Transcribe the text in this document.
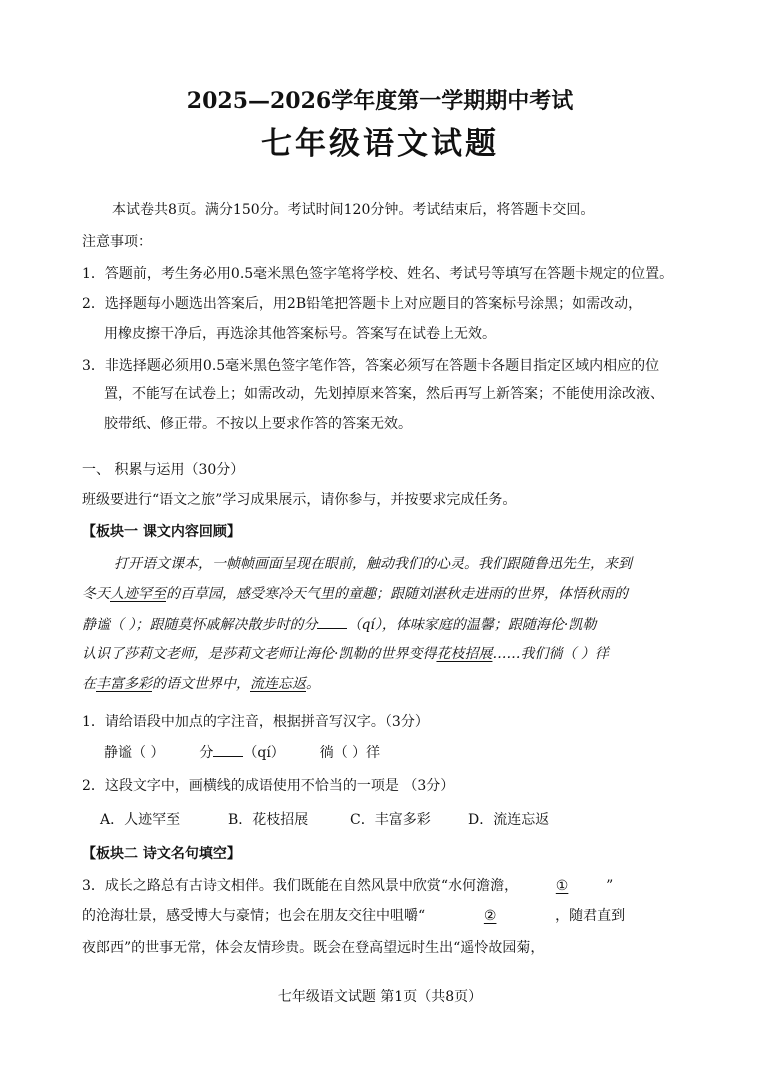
2025—2026学年度第一学期期中考试
七年级语文试题
本试卷共8页。满分150分。考试时间120分钟。考试结束后，将答题卡交回。
注意事项：
1．答题前，考生务必用0.5毫米黑色签字笔将学校、姓名、考试号等填写在答题卡规定的位置。
2．选择题每小题选出答案后，用2B铅笔把答题卡上对应题目的答案标号涂黑；如需改动，
用橡皮擦干净后，再选涂其他答案标号。答案写在试卷上无效。
3．非选择题必须用0.5毫米黑色签字笔作答，答案必须写在答题卡各题目指定区域内相应的位
置，不能写在试卷上；如需改动，先划掉原来答案，然后再写上新答案；不能使用涂改液、
胶带纸、修正带。不按以上要求作答的答案无效。
一、 积累与运用（30分）
班级要进行“语文之旅”学习成果展示，请你参与，并按要求完成任务。
【板块一 课文内容回顾】
打开语文课本，一帧帧画面呈现在眼前，触动我们的心灵。我们跟随鲁迅先生，来到
冬天人迹罕至的百草园，感受寒冷天气里的童趣；跟随刘湛秋走进雨的世界，体悟秋雨的
静谧（ ）；跟随莫怀戚解决散步时的分 （qí），体味家庭的温馨；跟随海伦·凯勒
认识了莎莉文老师，是莎莉文老师让海伦·凯勒的世界变得花枝招展……我们徜（ ）徉
在丰富多彩的语文世界中，流连忘返。
1．请给语段中加点的字注音，根据拼音写汉字。（3分）
静谧（ ） 分 （qí） 徜（ ）徉
2．这段文字中，画横线的成语使用不恰当的一项是 （3分）
A．人迹罕至	B．花枝招展	C．丰富多彩	D．流连忘返
【板块二 诗文名句填空】
3．成长之路总有古诗文相伴。我们既能在自然风景中欣赏“水何澹澹，	①	”
的沧海壮景，感受博大与豪情；也会在朋友交往中咀嚼“	②	，随君直到
夜郎西”的世事无常，体会友情珍贵。既会在登高望远时生出“遥怜故园菊，
七年级语文试题 第1页（共8页）
